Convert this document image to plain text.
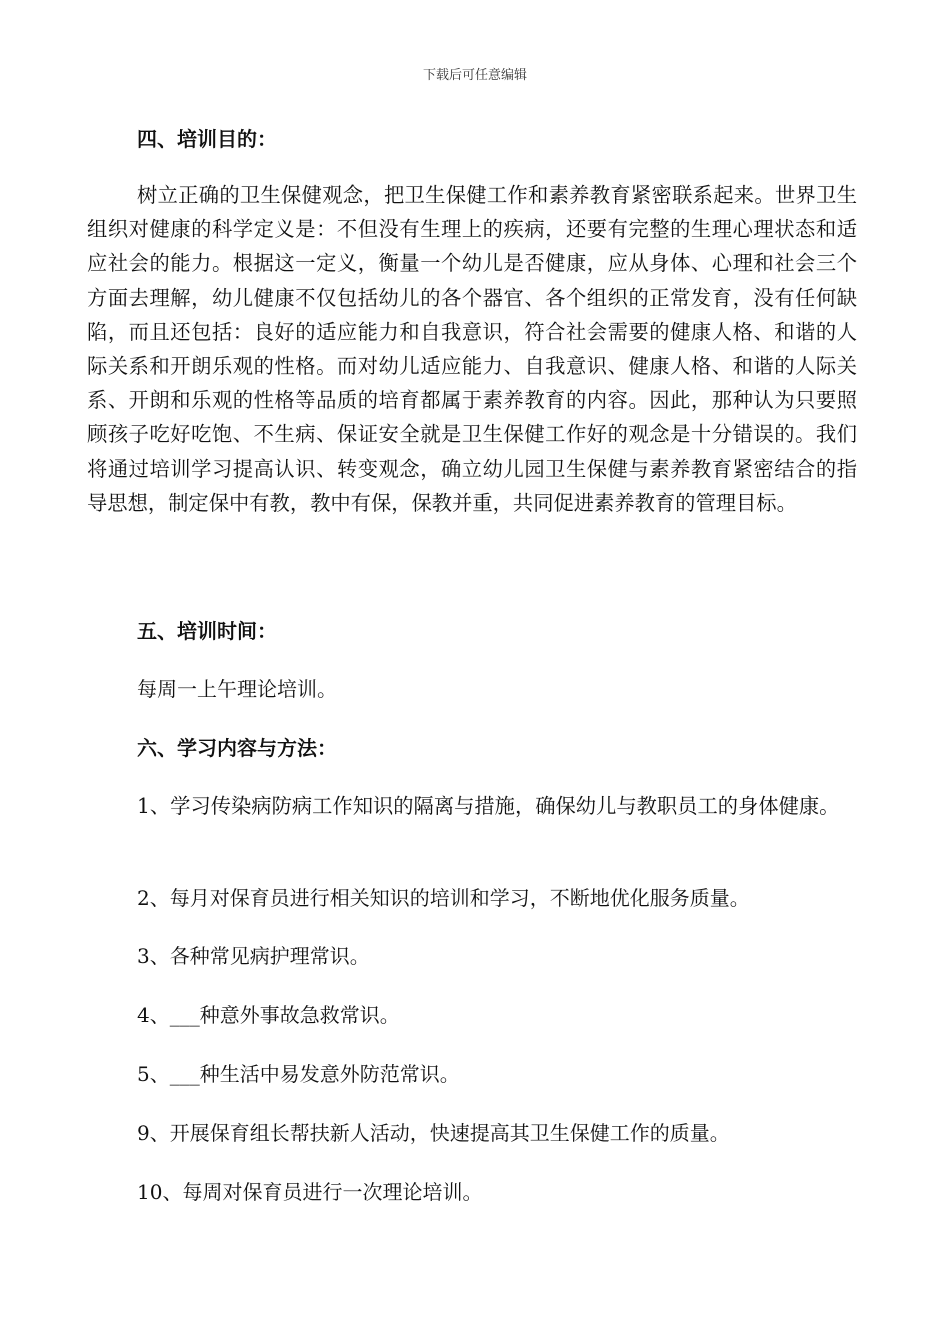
下载后可任意编辑
四、培训目的：

树立正确的卫生保健观念，把卫生保健工作和素养教育紧密联系起来。世界卫生组织对健康的科学定义是：不但没有生理上的疾病，还要有完整的生理心理状态和适应社会的能力。根据这一定义，衡量一个幼儿是否健康，应从身体、心理和社会三个方面去理解，幼儿健康不仅包括幼儿的各个器官、各个组织的正常发育，没有任何缺陷，而且还包括：良好的适应能力和自我意识，符合社会需要的健康人格、和谐的人际关系和开朗乐观的性格。而对幼儿适应能力、自我意识、健康人格、和谐的人际关系、开朗和乐观的性格等品质的培育都属于素养教育的内容。因此，那种认为只要照顾孩子吃好吃饱、不生病、保证安全就是卫生保健工作好的观念是十分错误的。我们将通过培训学习提高认识、转变观念，确立幼儿园卫生保健与素养教育紧密结合的指导思想，制定保中有教，教中有保，保教并重，共同促进素养教育的管理目标。

五、培训时间：

每周一上午理论培训。

六、学习内容与方法：

1、学习传染病防病工作知识的隔离与措施，确保幼儿与教职员工的身体健康。

2、每月对保育员进行相关知识的培训和学习，不断地优化服务质量。

3、各种常见病护理常识。

4、___种意外事故急救常识。

5、___种生活中易发意外防范常识。

9、开展保育组长帮扶新人活动，快速提高其卫生保健工作的质量。

10、每周对保育员进行一次理论培训。
